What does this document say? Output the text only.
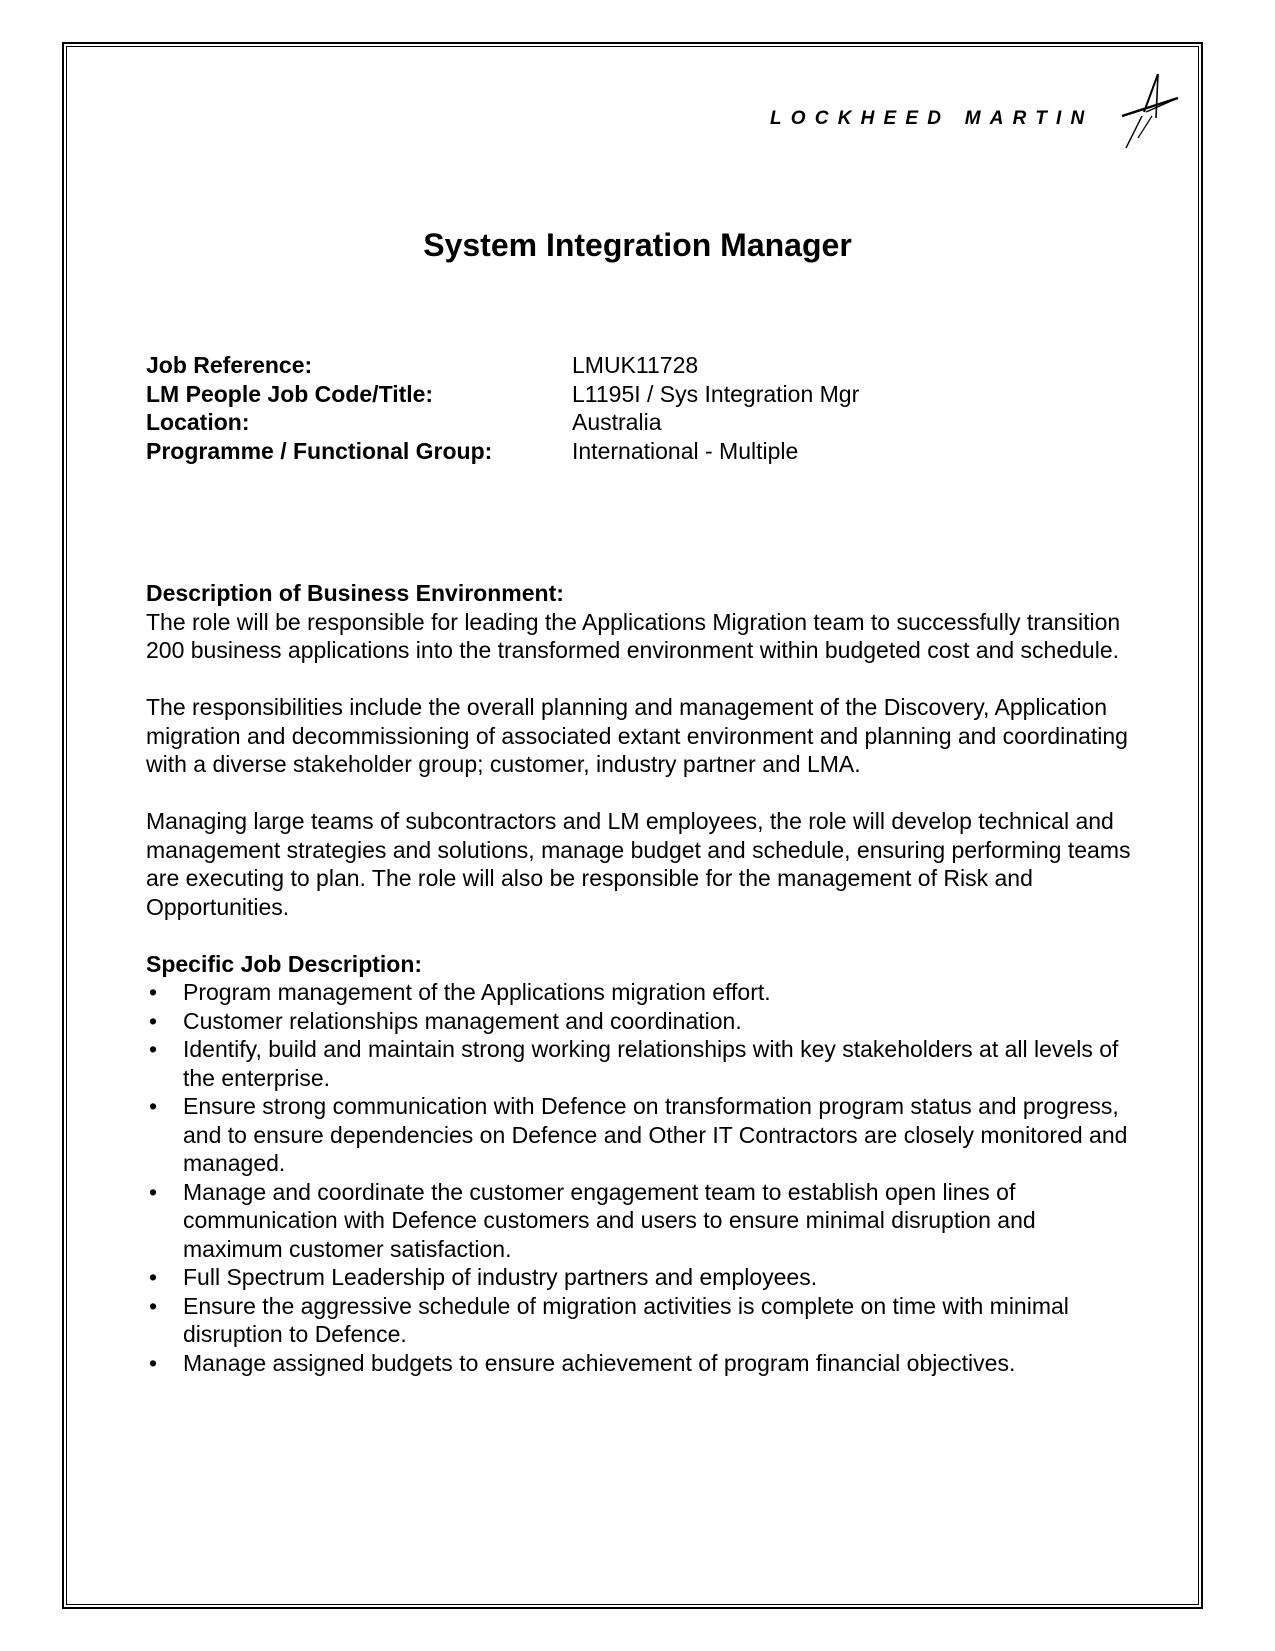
LOCKHEED MARTIN
System Integration Manager
Job Reference:	LMUK11728
LM People Job Code/Title:	L1195I / Sys Integration Mgr
Location:	Australia
Programme / Functional Group:	International - Multiple

Description of Business Environment:

The role will be responsible for leading the Applications Migration team to successfully transition 200 business applications into the transformed environment within budgeted cost and schedule.

The responsibilities include the overall planning and management of the Discovery, Application migration and decommissioning of associated extant environment and planning and coordinating with a diverse stakeholder group; customer, industry partner and LMA.

Managing large teams of subcontractors and LM employees, the role will develop technical and management strategies and solutions, manage budget and schedule, ensuring performing teams are executing to plan. The role will also be responsible for the management of Risk and Opportunities.

Specific Job Description:

• Program management of the Applications migration effort.
• Customer relationships management and coordination.
• Identify, build and maintain strong working relationships with key stakeholders at all levels of the enterprise.
• Ensure strong communication with Defence on transformation program status and progress, and to ensure dependencies on Defence and Other IT Contractors are closely monitored and managed.
• Manage and coordinate the customer engagement team to establish open lines of communication with Defence customers and users to ensure minimal disruption and maximum customer satisfaction.
• Full Spectrum Leadership of industry partners and employees.
• Ensure the aggressive schedule of migration activities is complete on time with minimal disruption to Defence.
• Manage assigned budgets to ensure achievement of program financial objectives.
